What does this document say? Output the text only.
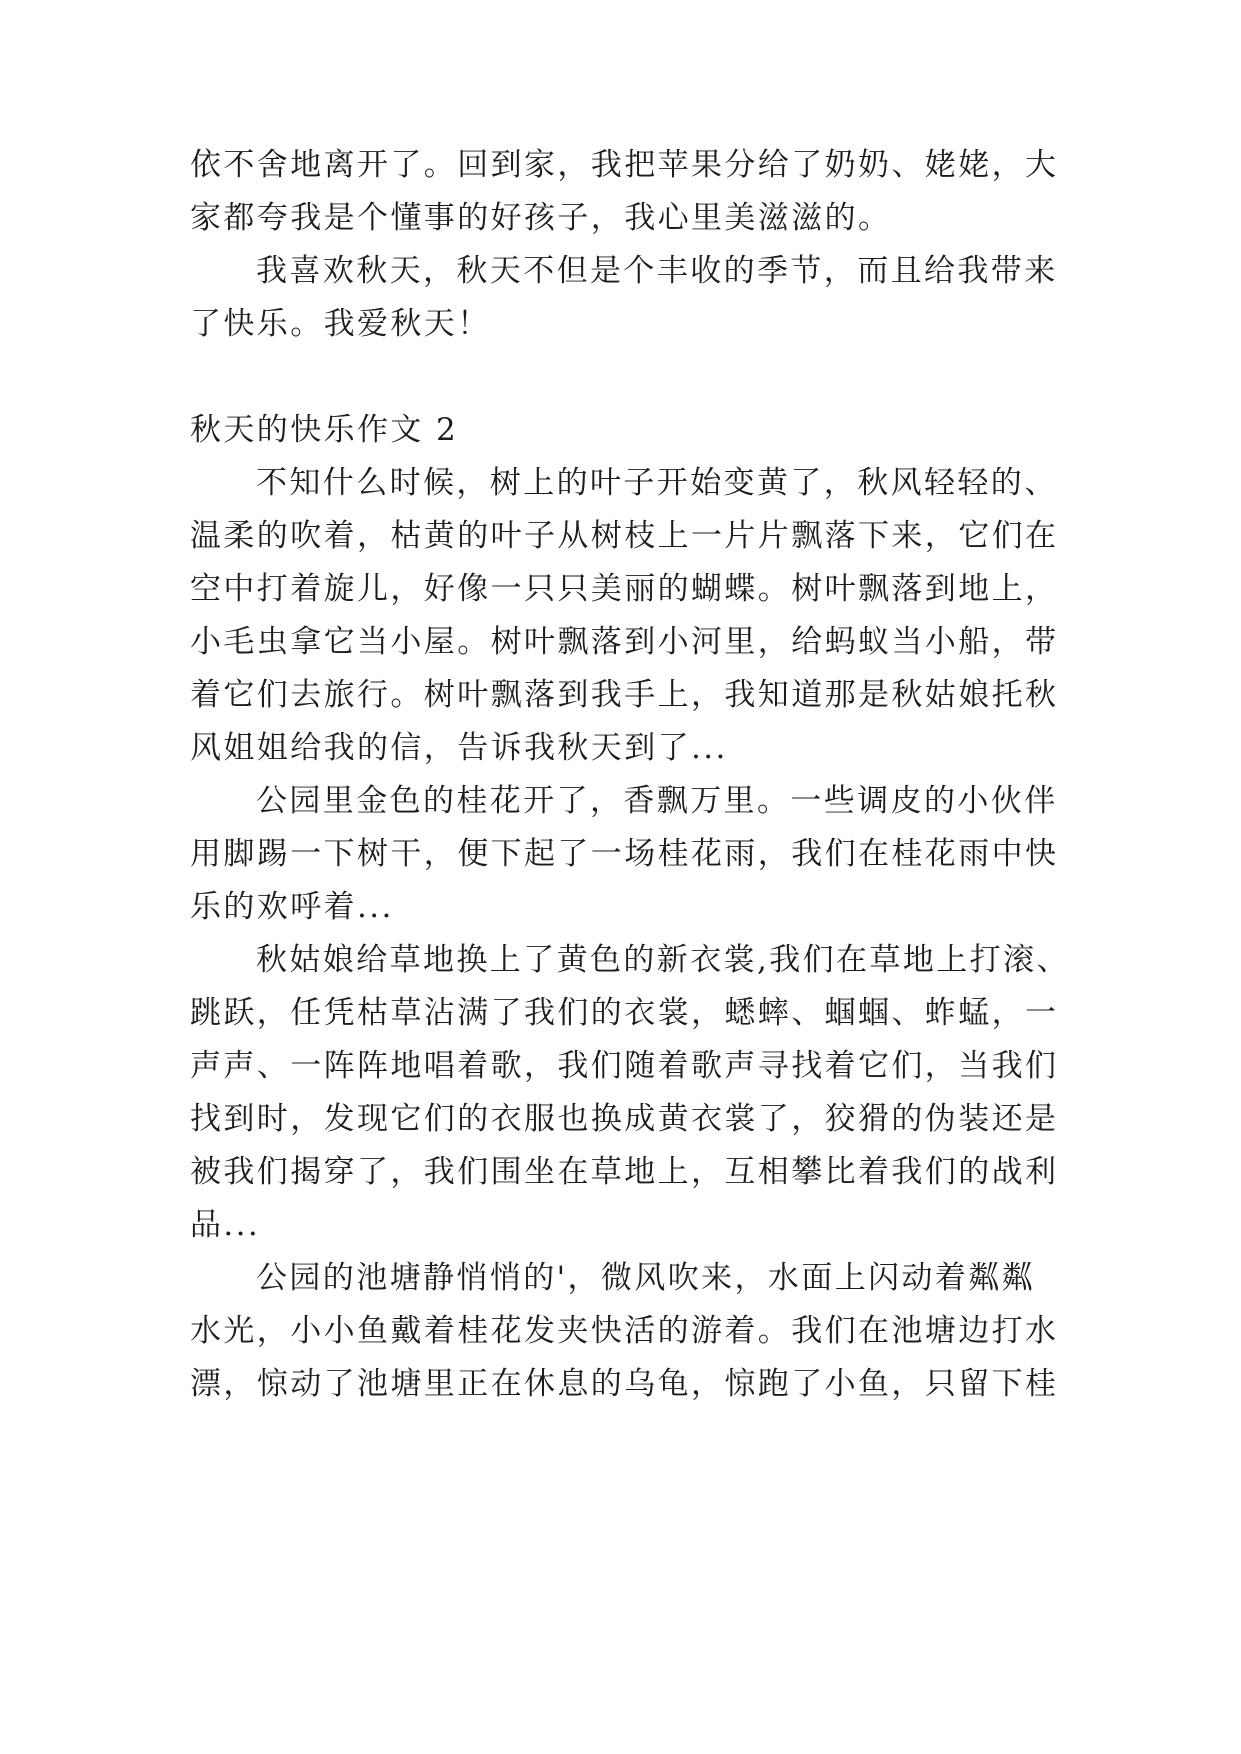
依不舍地离开了。回到家，我把苹果分给了奶奶、姥姥，大
家都夸我是个懂事的好孩子，我心里美滋滋的。
我喜欢秋天，秋天不但是个丰收的季节，而且给我带来
了快乐。我爱秋天！
秋天的快乐作文 2
不知什么时候，树上的叶子开始变黄了，秋风轻轻的、
温柔的吹着，枯黄的叶子从树枝上一片片飘落下来，它们在
空中打着旋儿，好像一只只美丽的蝴蝶。树叶飘落到地上，
小毛虫拿它当小屋。树叶飘落到小河里，给蚂蚁当小船，带
着它们去旅行。树叶飘落到我手上，我知道那是秋姑娘托秋
风姐姐给我的信，告诉我秋天到了...
公园里金色的桂花开了，香飘万里。一些调皮的小伙伴
用脚踢一下树干，便下起了一场桂花雨，我们在桂花雨中快
乐的欢呼着...
秋姑娘给草地换上了黄色的新衣裳,我们在草地上打滚、
跳跃，任凭枯草沾满了我们的衣裳，蟋蟀、蝈蝈、蚱蜢，一
声声、一阵阵地唱着歌，我们随着歌声寻找着它们，当我们
找到时，发现它们的衣服也换成黄衣裳了，狡猾的伪装还是
被我们揭穿了，我们围坐在草地上，互相攀比着我们的战利
品...
公园的池塘静悄悄的'，微风吹来，水面上闪动着粼粼
水光，小小鱼戴着桂花发夹快活的游着。我们在池塘边打水
漂，惊动了池塘里正在休息的乌龟，惊跑了小鱼，只留下桂
